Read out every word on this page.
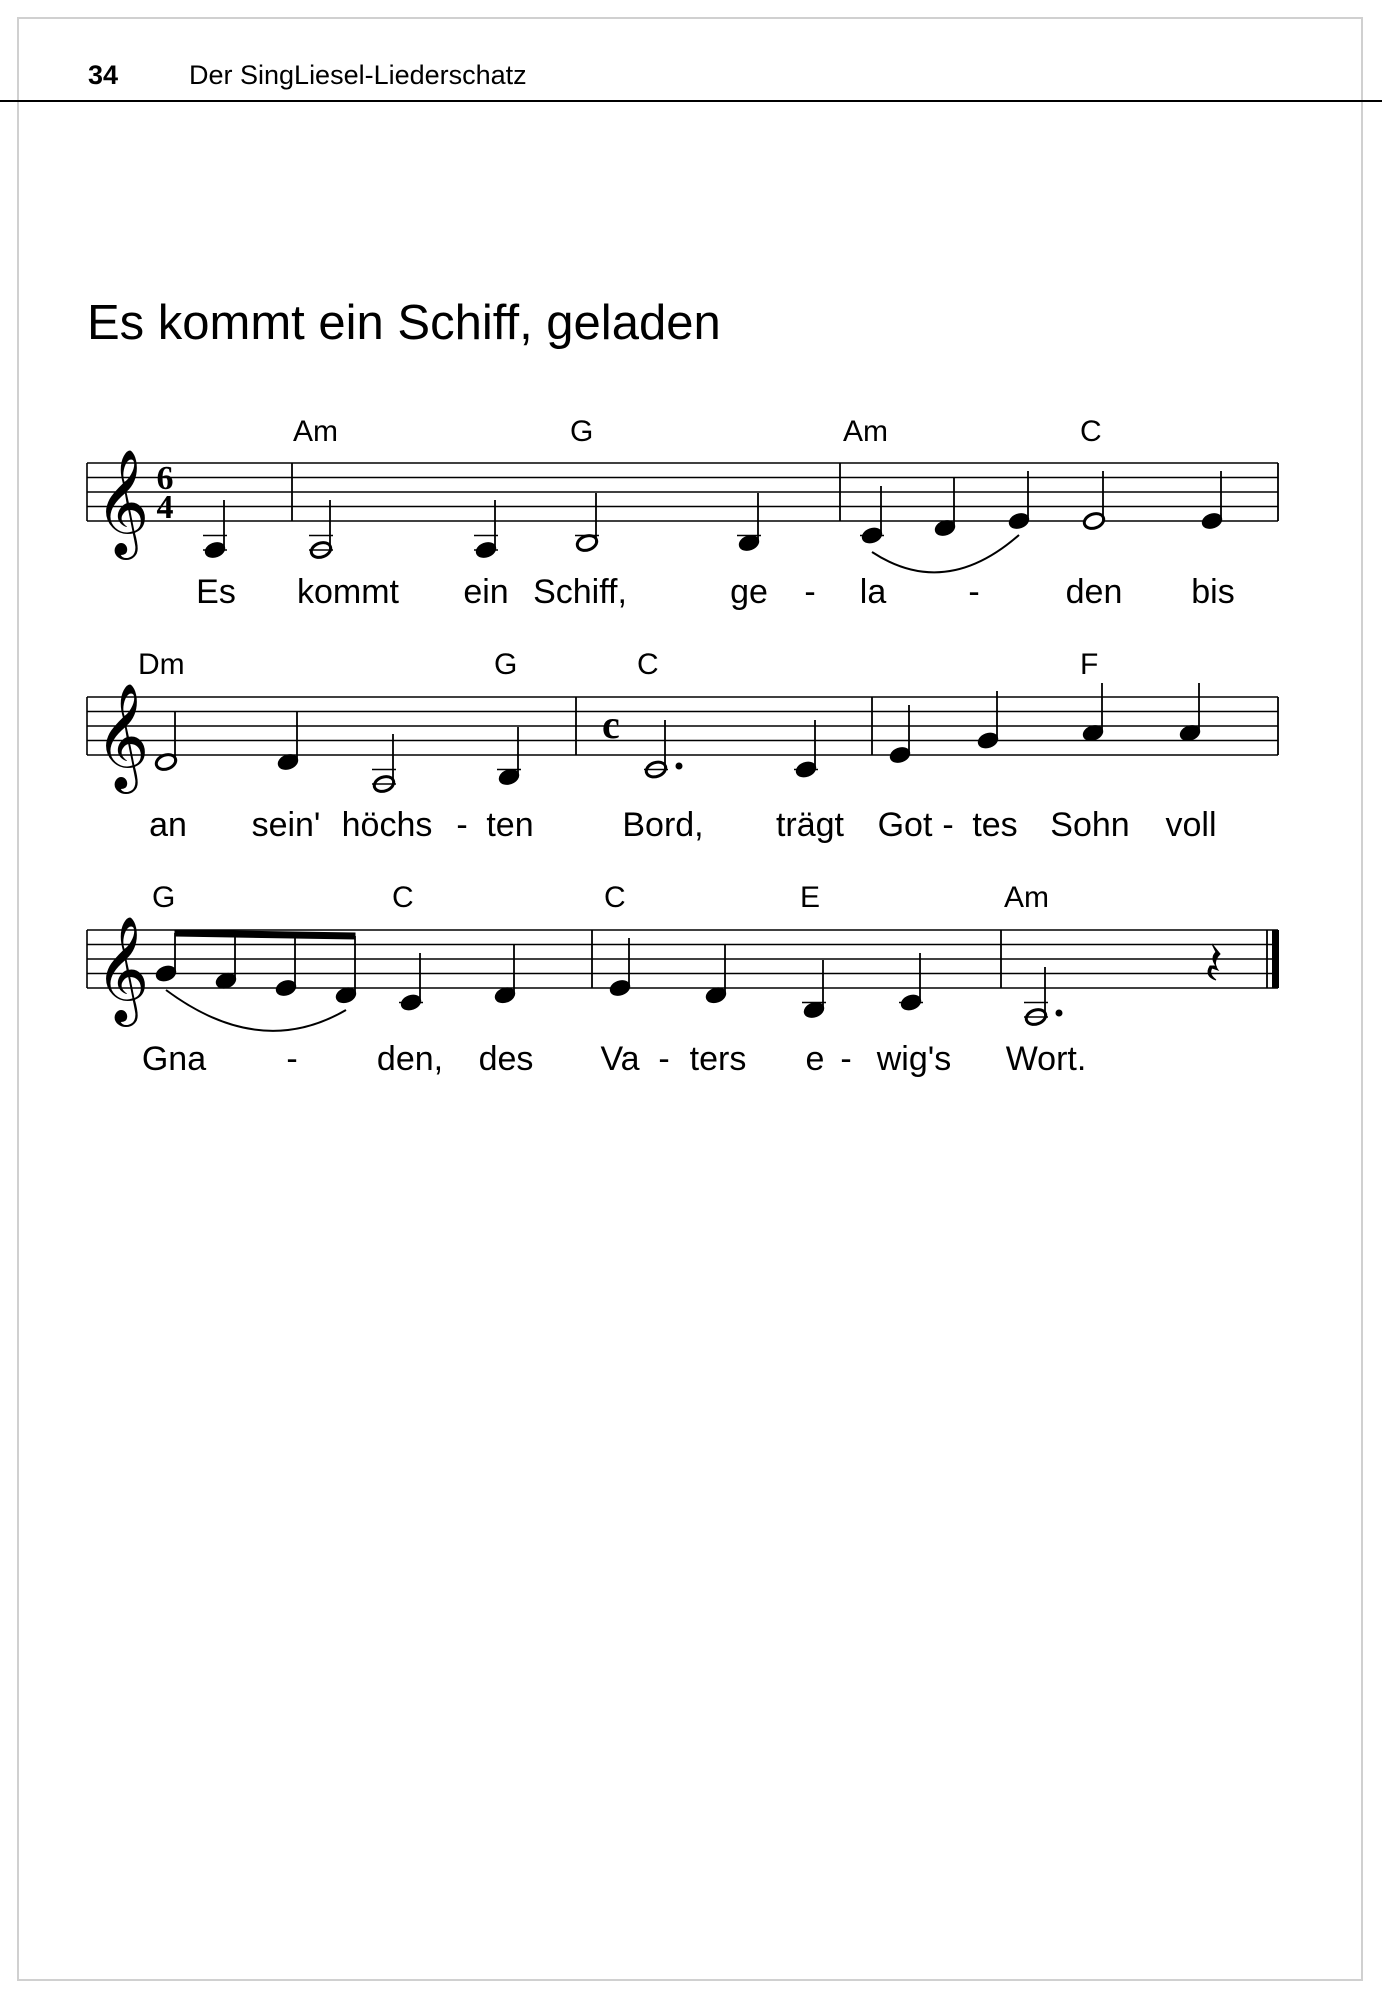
34	Der SingLiesel-Liederschatz
Es kommt ein Schiff, geladen
𝄞 6
4
Am	G	Am	C
Es kommt ein Schiff,	ge - la -	den bis
𝄞	c
Dm	G	C	F
an sein' höchs - ten	Bord, trägt Got - tes Sohn voll
𝄞
G	C	C	E	Am
Gna - den, des Va - ters e - wig's Wort.
